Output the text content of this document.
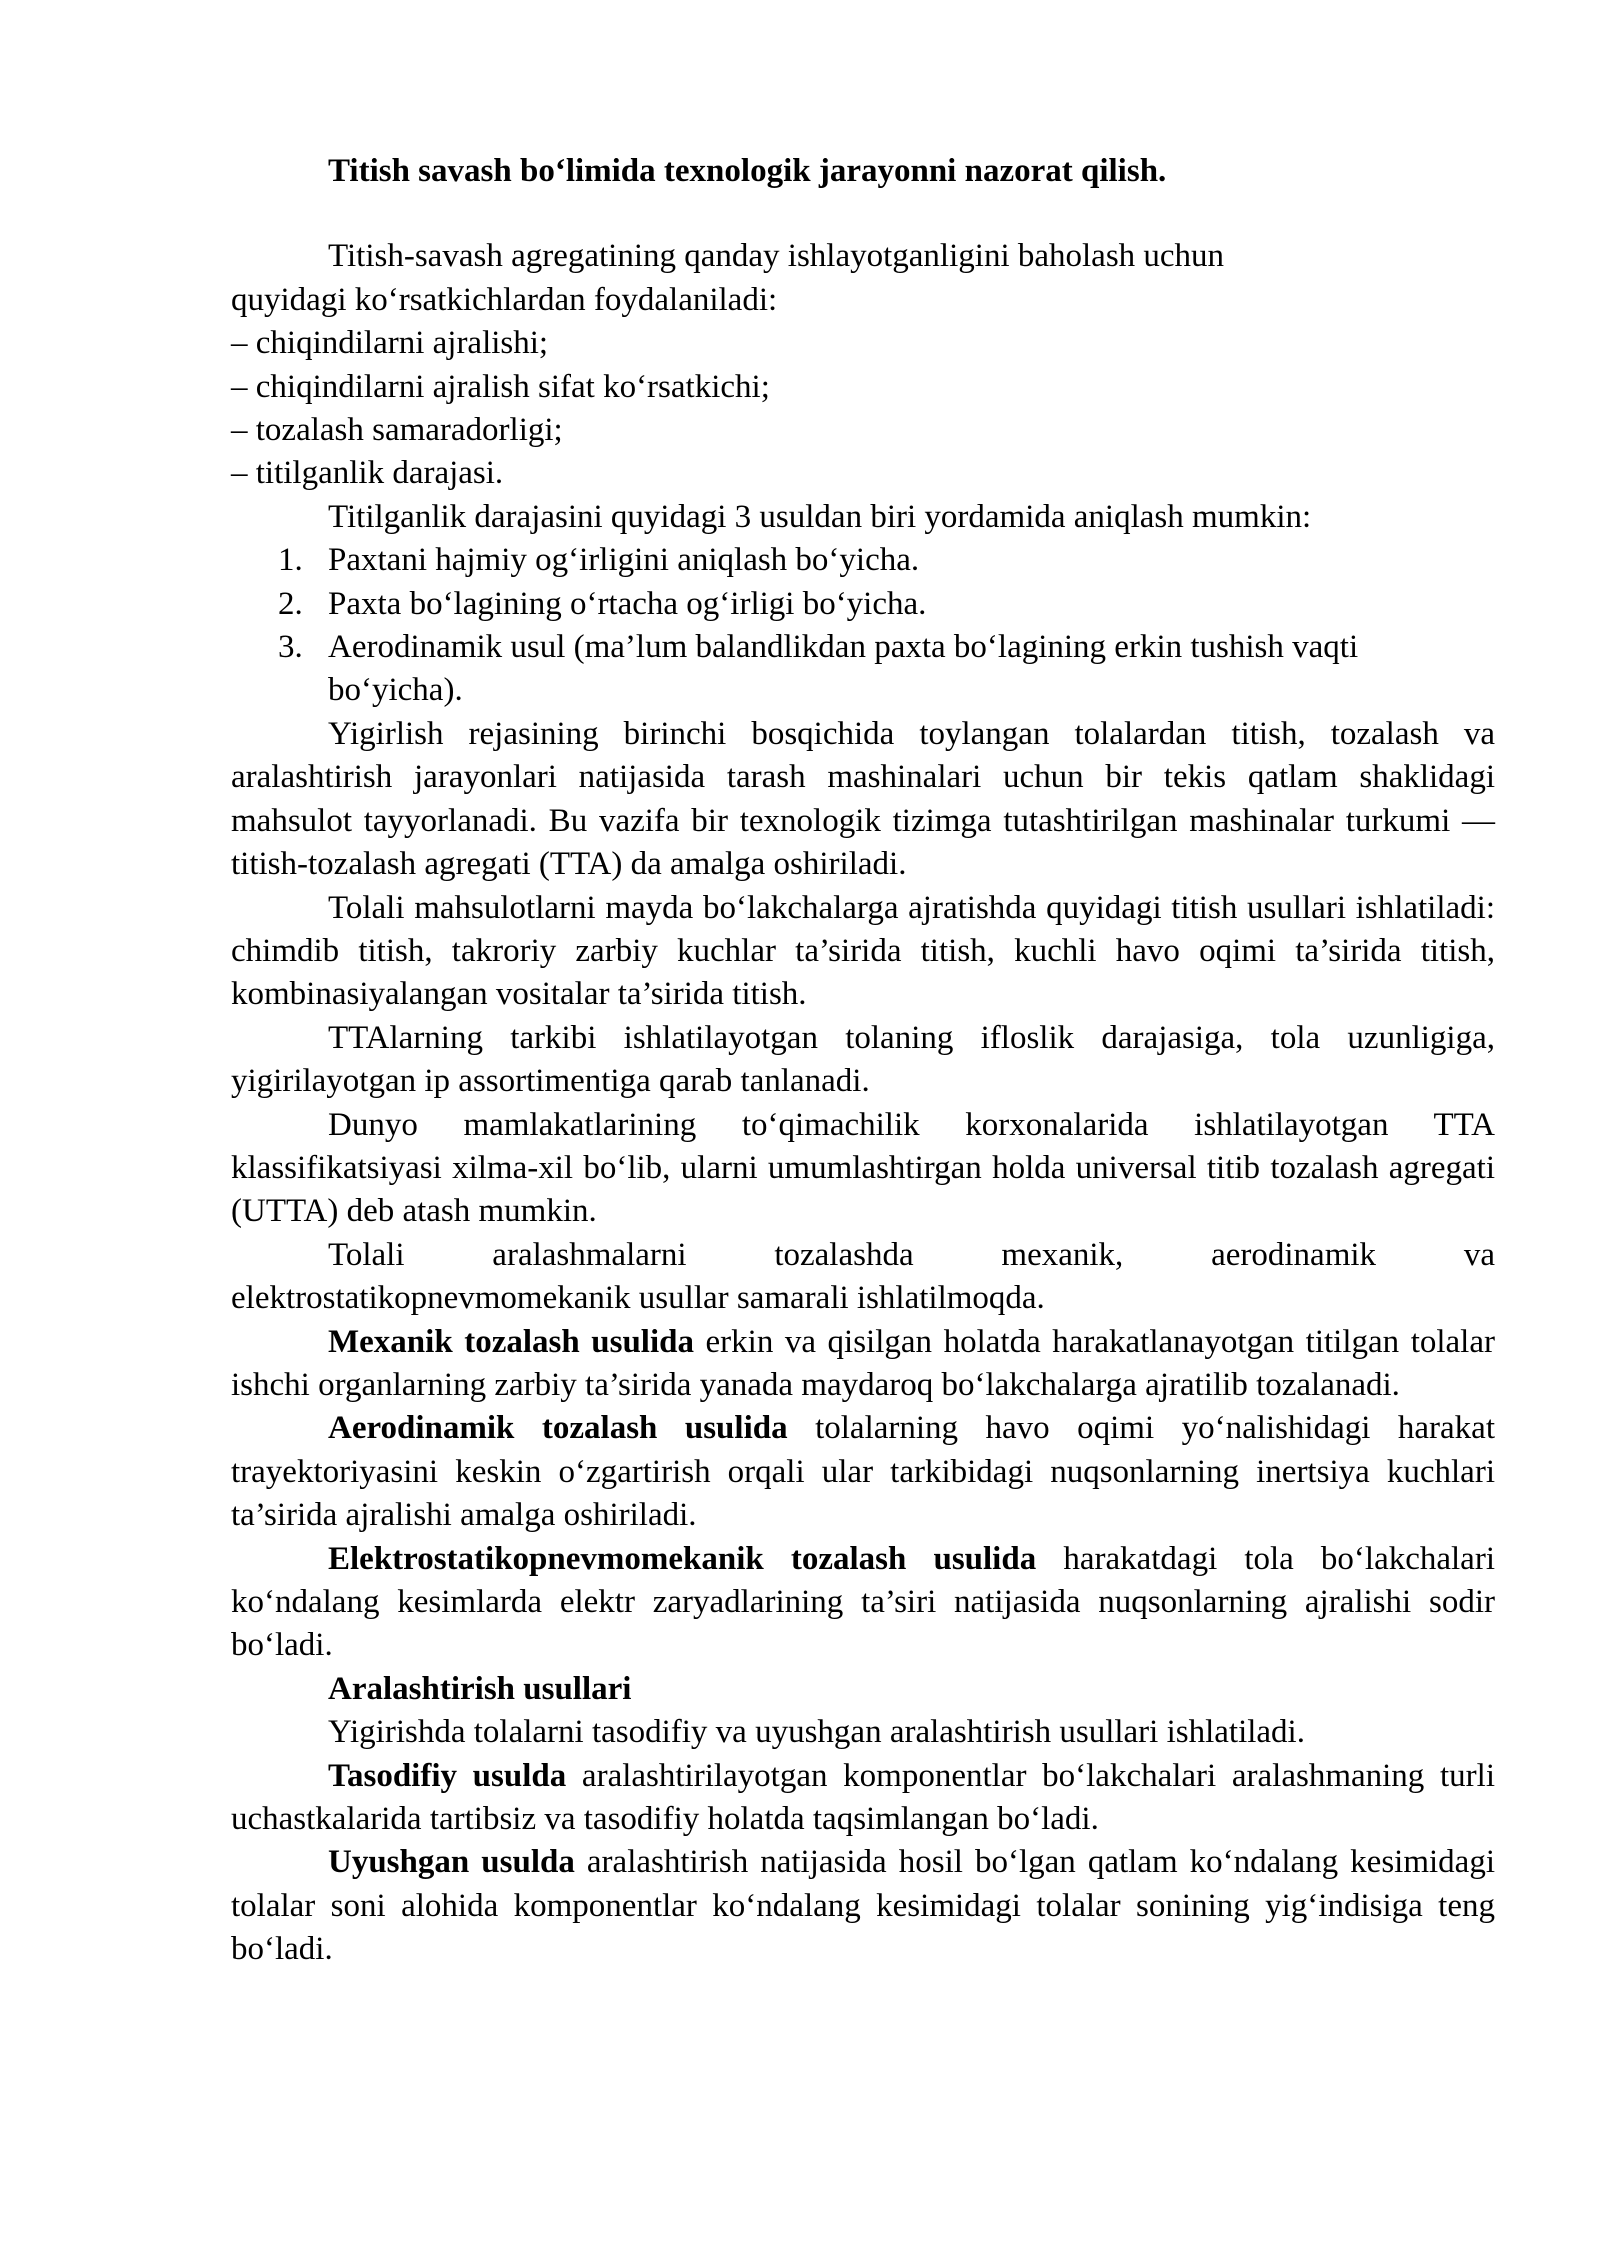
Titish savash bo‘limida texnologik jarayonni nazorat qilish.

Titish-savash agregatining qanday ishlayotganligini baholash uchun

quyidagi ko‘rsatkichlardan foydalaniladi:

– chiqindilarni ajralishi;

– chiqindilarni ajralish sifat ko‘rsatkichi;

– tozalash samaradorligi;

– titilganlik darajasi.

Titilganlik darajasini quyidagi 3 usuldan biri yordamida aniqlash mumkin:

1. Paxtani hajmiy og‘irligini aniqlash bo‘yicha.
2. Paxta bo‘lagining o‘rtacha og‘irligi bo‘yicha.
3. Aerodinamik usul (ma’lum balandlikdan paxta bo‘lagining erkin tushish vaqti bo‘yicha).

Yigirlish rejasining birinchi bosqichida toylangan tolalardan titish, tozalash va aralashtirish jarayonlari natijasida tarash mashinalari uchun bir tekis qatlam shaklidagi mahsulot tayyorlanadi. Bu vazifa bir texnologik tizimga tutashtirilgan mashinalar turkumi — titish-tozalash agregati (TTA) da amalga oshiriladi.

Tolali mahsulotlarni mayda bo‘lakchalarga ajratishda quyidagi titish usullari ishlatiladi: chimdib titish, takroriy zarbiy kuchlar ta’sirida titish, kuchli havo oqimi ta’sirida titish, kombinasiyalangan vositalar ta’sirida titish.

TTAlarning tarkibi ishlatilayotgan tolaning ifloslik darajasiga, tola uzunligiga, yigirilayotgan ip assortimentiga qarab tanlanadi.

Dunyo mamlakatlarining to‘qimachilik korxonalarida ishlatilayotgan TTA klassifikatsiyasi xilma-xil bo‘lib, ularni umumlashtirgan holda universal titib tozalash agregati (UTTA) deb atash mumkin.

Tolali aralashmalarni tozalashda mexanik, aerodinamik va

elektrostatikopnevmomekanik usullar samarali ishlatilmoqda.

Mexanik tozalash usulida erkin va qisilgan holatda harakatlanayotgan titilgan tolalar ishchi organlarning zarbiy ta’sirida yanada maydaroq bo‘lakchalarga ajratilib tozalanadi.

Aerodinamik tozalash usulida tolalarning havo oqimi yo‘nalishidagi harakat trayektoriyasini keskin o‘zgartirish orqali ular tarkibidagi nuqsonlarning inertsiya kuchlari ta’sirida ajralishi amalga oshiriladi.

Elektrostatikopnevmomekanik tozalash usulida harakatdagi tola bo‘lakchalari ko‘ndalang kesimlarda elektr zaryadlarining ta’siri natijasida nuqsonlarning ajralishi sodir bo‘ladi.

Aralashtirish usullari

Yigirishda tolalarni tasodifiy va uyushgan aralashtirish usullari ishlatiladi.

Tasodifiy usulda aralashtirilayotgan komponentlar bo‘lakchalari aralashmaning turli uchastkalarida tartibsiz va tasodifiy holatda taqsimlangan bo‘ladi.

Uyushgan usulda aralashtirish natijasida hosil bo‘lgan qatlam ko‘ndalang kesimidagi tolalar soni alohida komponentlar ko‘ndalang kesimidagi tolalar sonining yig‘indisiga teng bo‘ladi.
